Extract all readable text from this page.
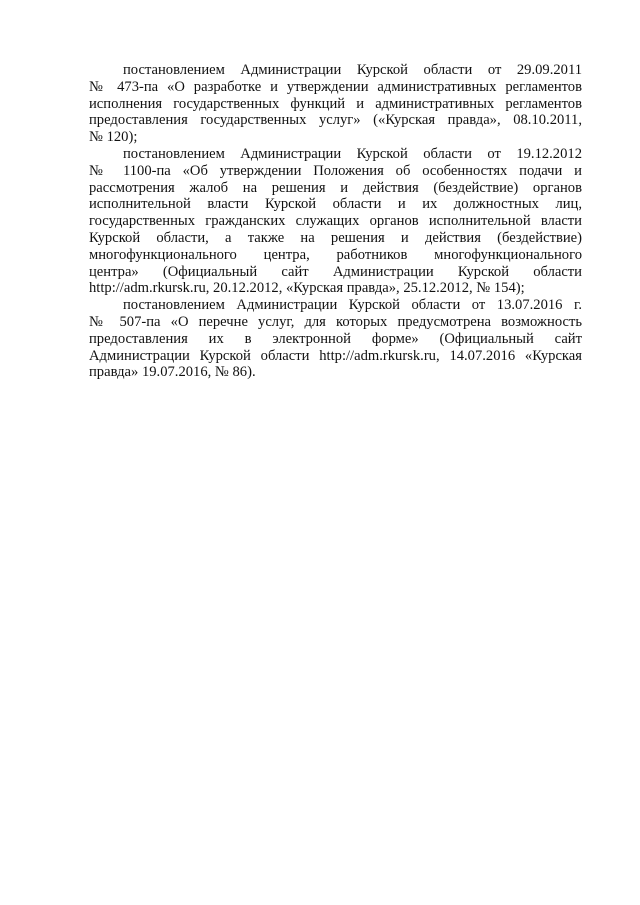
постановлением Администрации Курской области от 29.09.2011
№ 473-па «О разработке и утверждении административных регламентов
исполнения государственных функций и административных регламентов
предоставления государственных услуг» («Курская правда», 08.10.2011,
№ 120);

постановлением Администрации Курской области от 19.12.2012
№ 1100-па «Об утверждении Положения об особенностях подачи и
рассмотрения жалоб на решения и действия (бездействие) органов
исполнительной власти Курской области и их должностных лиц,
государственных гражданских служащих органов исполнительной власти
Курской области, а также на решения и действия (бездействие)
многофункционального центра, работников многофункционального
центра» (Официальный сайт Администрации Курской области
http://adm.rkursk.ru, 20.12.2012, «Курская правда», 25.12.2012, № 154);

постановлением Администрации Курской области от 13.07.2016 г.
№ 507-па «О перечне услуг, для которых предусмотрена возможность
предоставления их в электронной форме» (Официальный сайт
Администрации Курской области http://adm.rkursk.ru, 14.07.2016 «Курская
правда» 19.07.2016, № 86).
